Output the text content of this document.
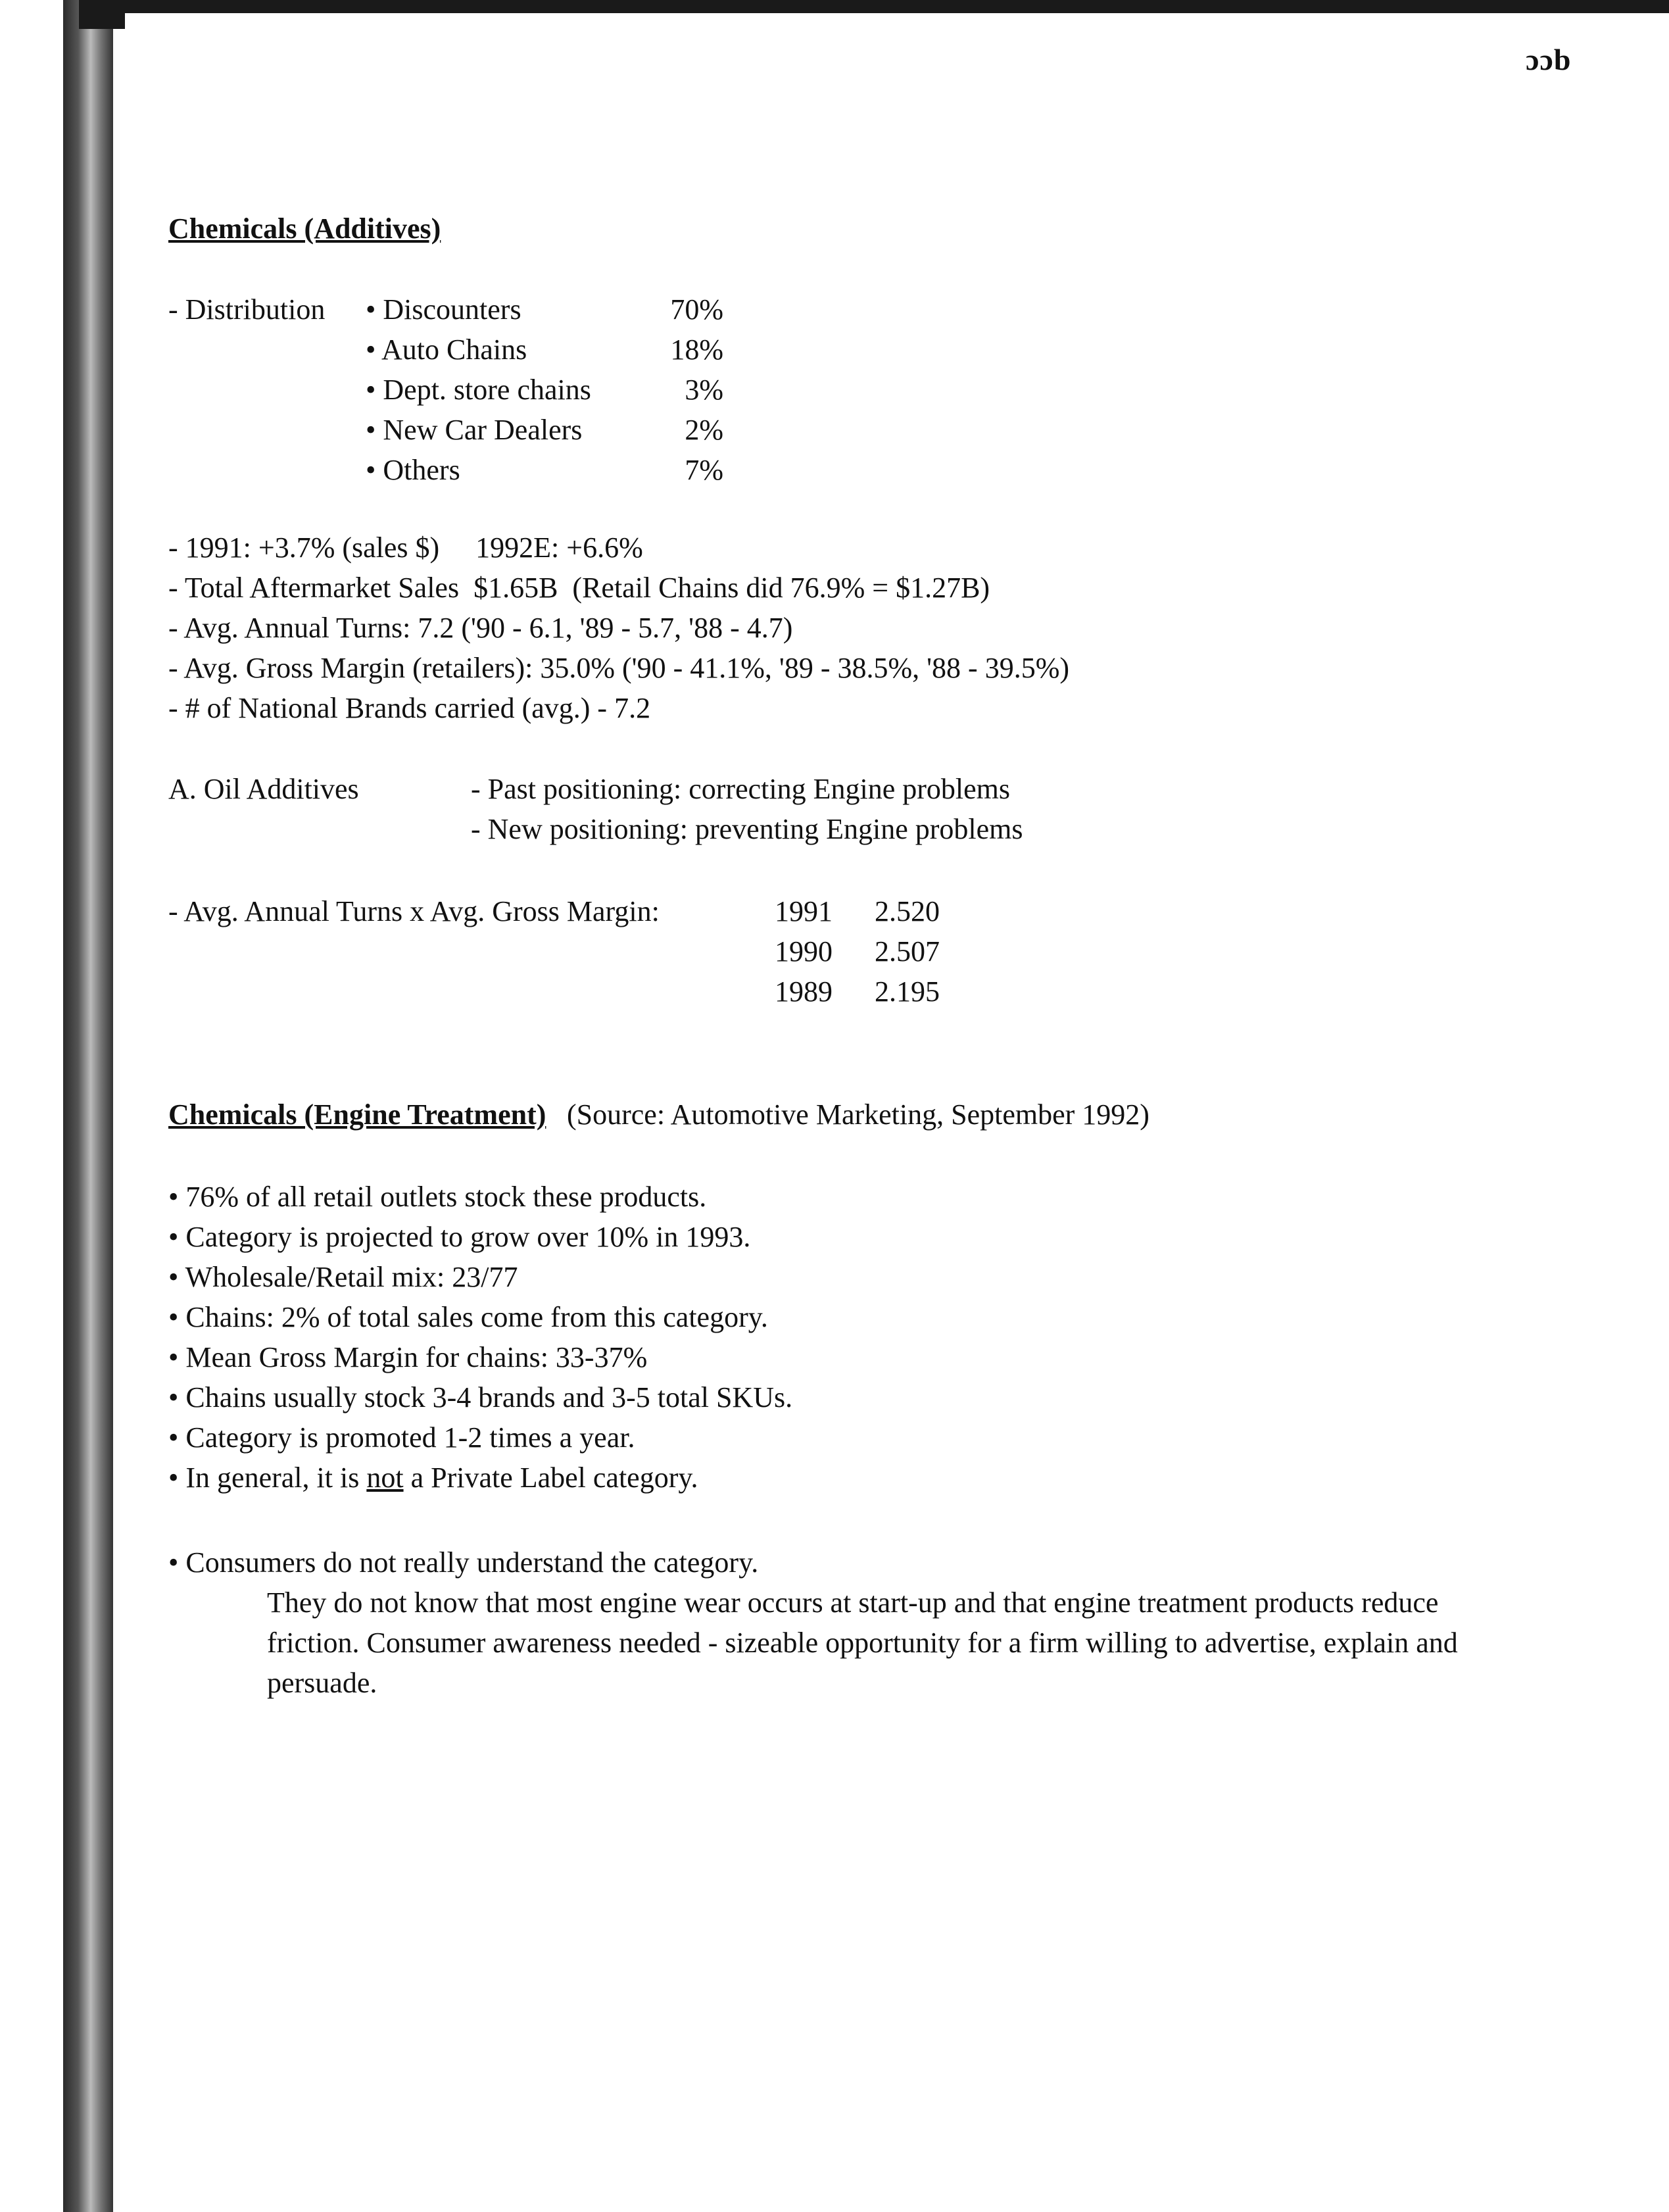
ɔɔb
Chemicals (Additives)
- Distribution • Discounters	70%
• Auto Chains	18%
• Dept. store chains	3%
• New Car Dealers	2%
• Others	7%
- 1991: +3.7% (sales $)     1992E: +6.6%
- Total Aftermarket Sales  $1.65B  (Retail Chains did 76.9% = $1.27B)
- Avg. Annual Turns: 7.2 ('90 - 6.1, '89 - 5.7, '88 - 4.7)
- Avg. Gross Margin (retailers): 35.0% ('90 - 41.1%, '89 - 38.5%, '88 - 39.5%)
- # of National Brands carried (avg.) - 7.2
A. Oil Additives	- Past positioning: correcting Engine problems
- New positioning: preventing Engine problems
- Avg. Annual Turns x Avg. Gross Margin:	1991 2.520
1990 2.507
1989 2.195
Chemicals (Engine Treatment) (Source: Automotive Marketing, September 1992)
• 76% of all retail outlets stock these products.
• Category is projected to grow over 10% in 1993.
• Wholesale/Retail mix: 23/77
• Chains: 2% of total sales come from this category.
• Mean Gross Margin for chains: 33-37%
• Chains usually stock 3-4 brands and 3-5 total SKUs.
• Category is promoted 1-2 times a year.
• In general, it is not a Private Label category.
• Consumers do not really understand the category.
They do not know that most engine wear occurs at start-up and that engine treatment products reduce
friction. Consumer awareness needed - sizeable opportunity for a firm willing to advertise, explain and
persuade.
